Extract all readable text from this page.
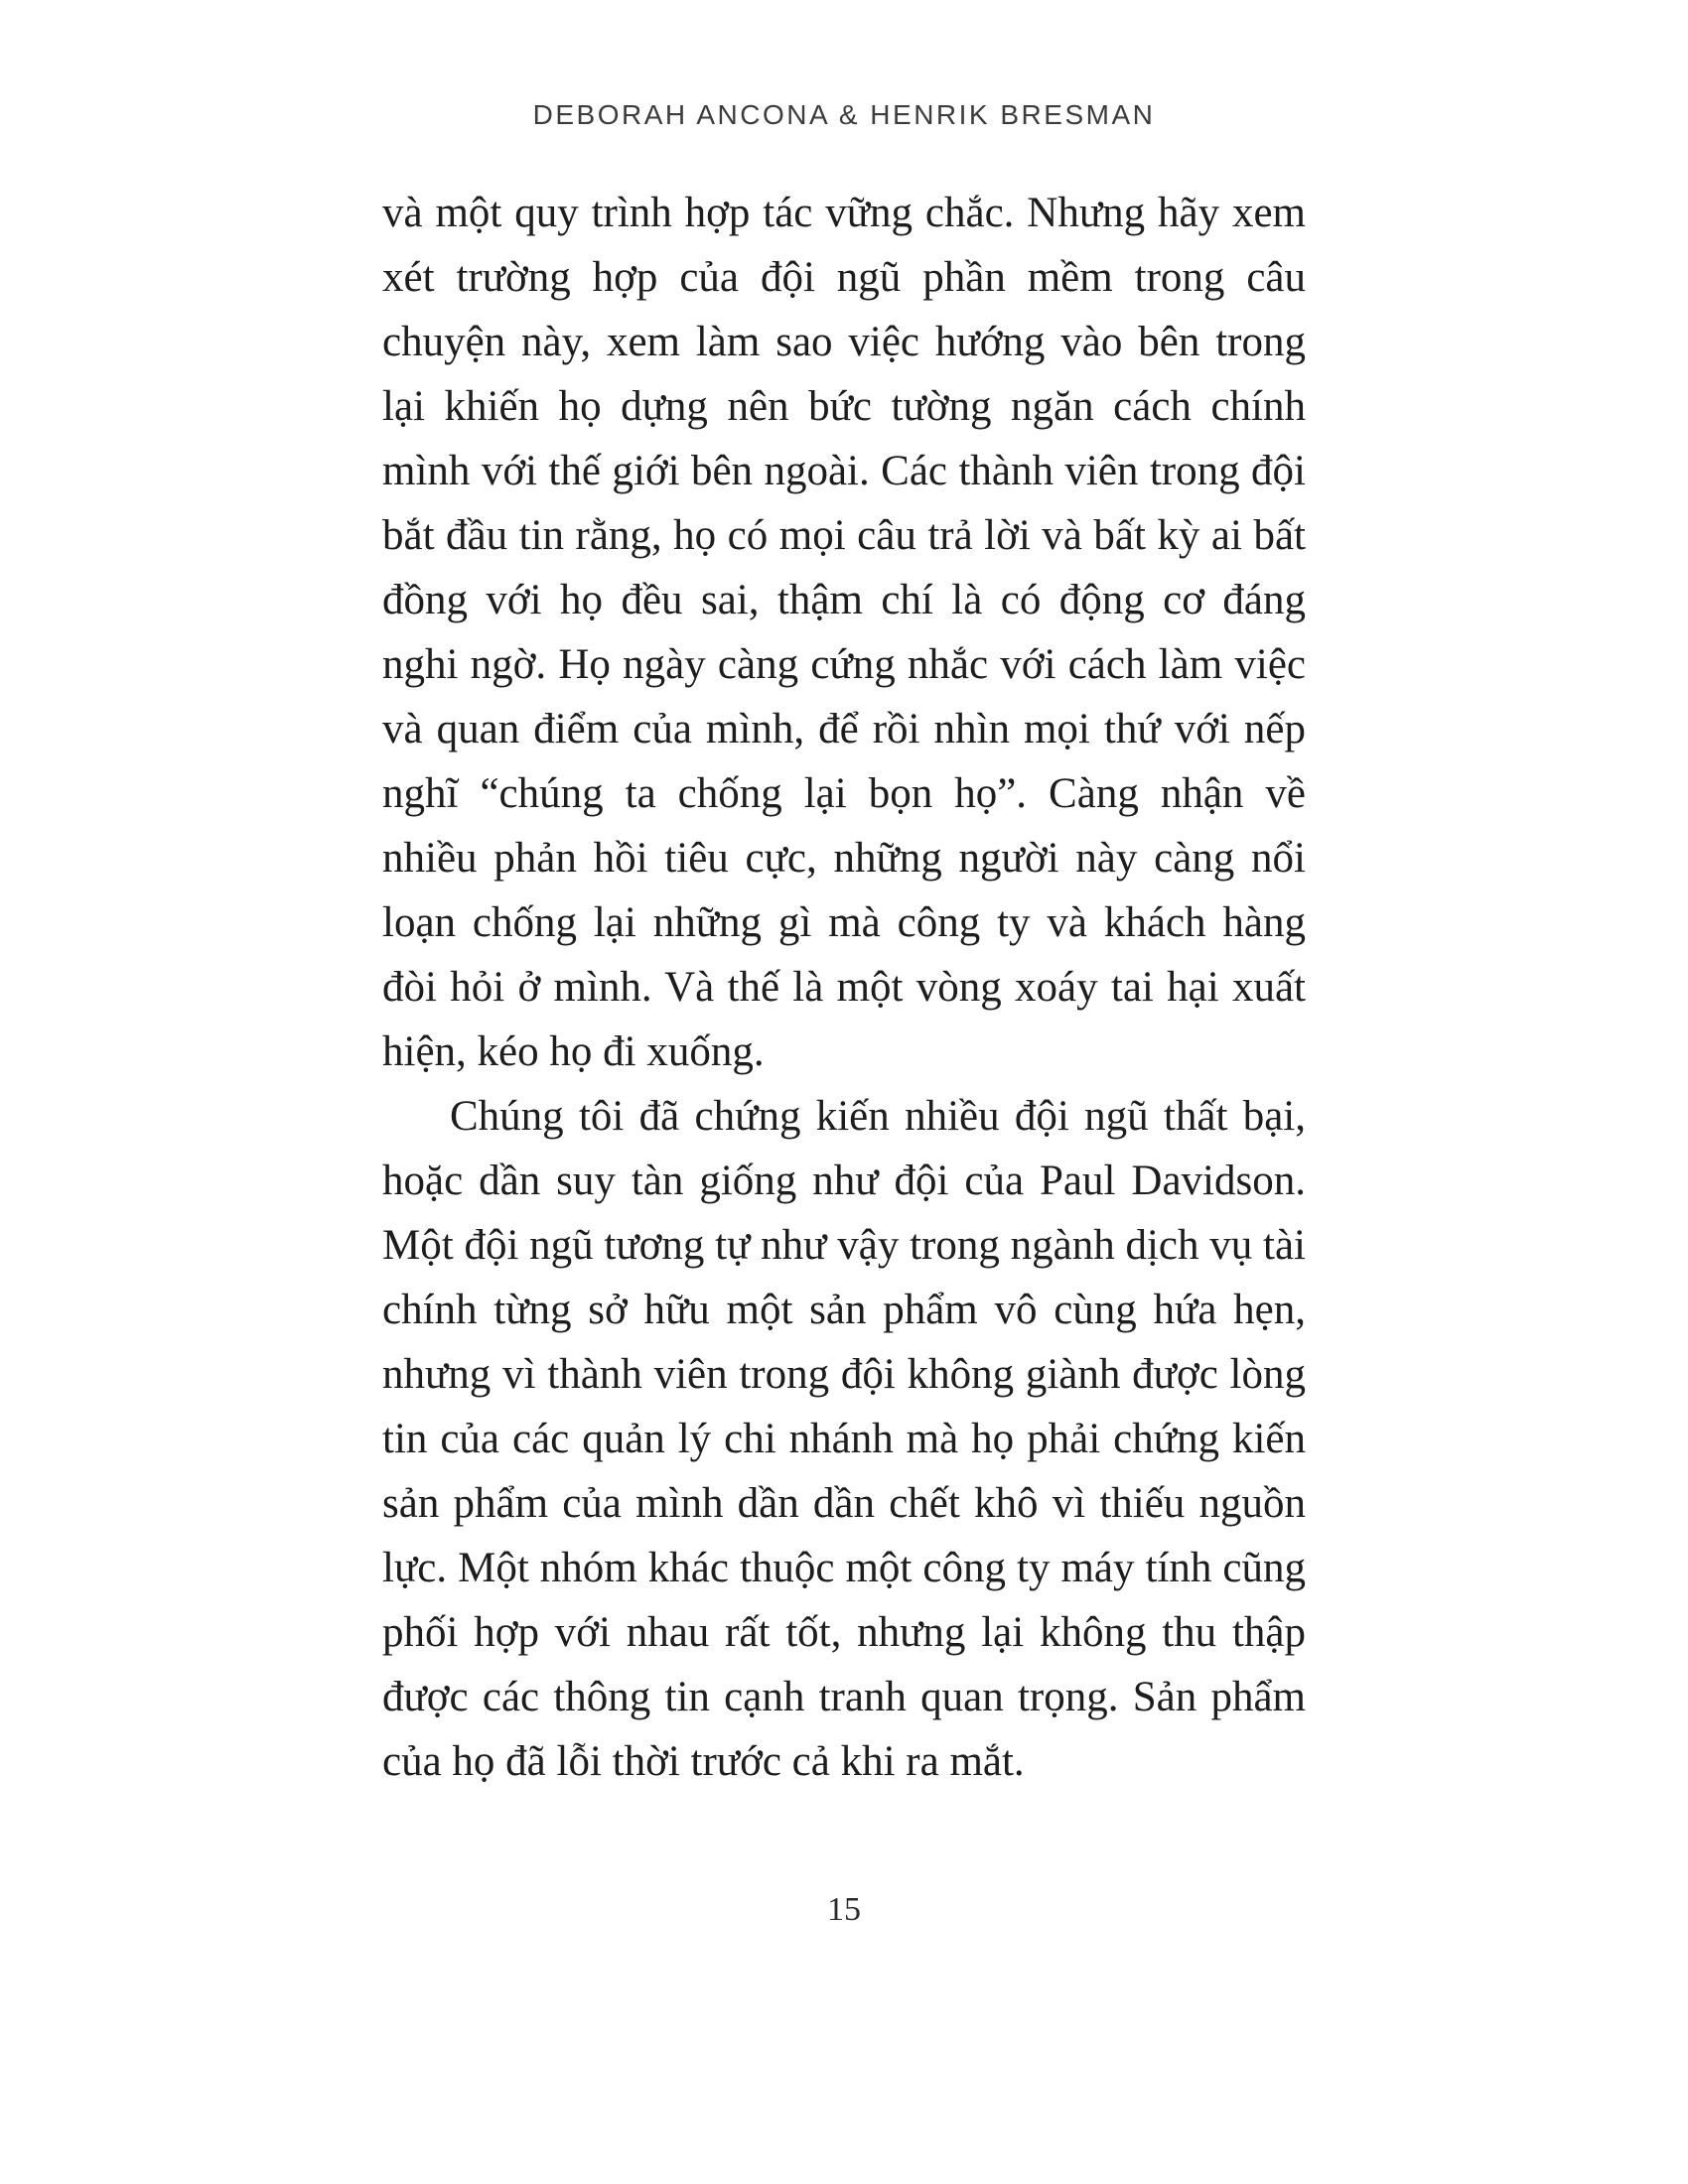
DEBORAH ANCONA & HENRIK BRESMAN

và một quy trình hợp tác vững chắc. Nhưng hãy xem xét trường hợp của đội ngũ phần mềm trong câu chuyện này, xem làm sao việc hướng vào bên trong lại khiến họ dựng nên bức tường ngăn cách chính mình với thế giới bên ngoài. Các thành viên trong đội bắt đầu tin rằng, họ có mọi câu trả lời và bất kỳ ai bất đồng với họ đều sai, thậm chí là có động cơ đáng nghi ngờ. Họ ngày càng cứng nhắc với cách làm việc và quan điểm của mình, để rồi nhìn mọi thứ với nếp nghĩ “chúng ta chống lại bọn họ”. Càng nhận về nhiều phản hồi tiêu cực, những người này càng nổi loạn chống lại những gì mà công ty và khách hàng đòi hỏi ở mình. Và thế là một vòng xoáy tai hại xuất hiện, kéo họ đi xuống.

Chúng tôi đã chứng kiến nhiều đội ngũ thất bại, hoặc dần suy tàn giống như đội của Paul Davidson. Một đội ngũ tương tự như vậy trong ngành dịch vụ tài chính từng sở hữu một sản phẩm vô cùng hứa hẹn, nhưng vì thành viên trong đội không giành được lòng tin của các quản lý chi nhánh mà họ phải chứng kiến sản phẩm của mình dần dần chết khô vì thiếu nguồn lực. Một nhóm khác thuộc một công ty máy tính cũng phối hợp với nhau rất tốt, nhưng lại không thu thập được các thông tin cạnh tranh quan trọng. Sản phẩm của họ đã lỗi thời trước cả khi ra mắt.

15
